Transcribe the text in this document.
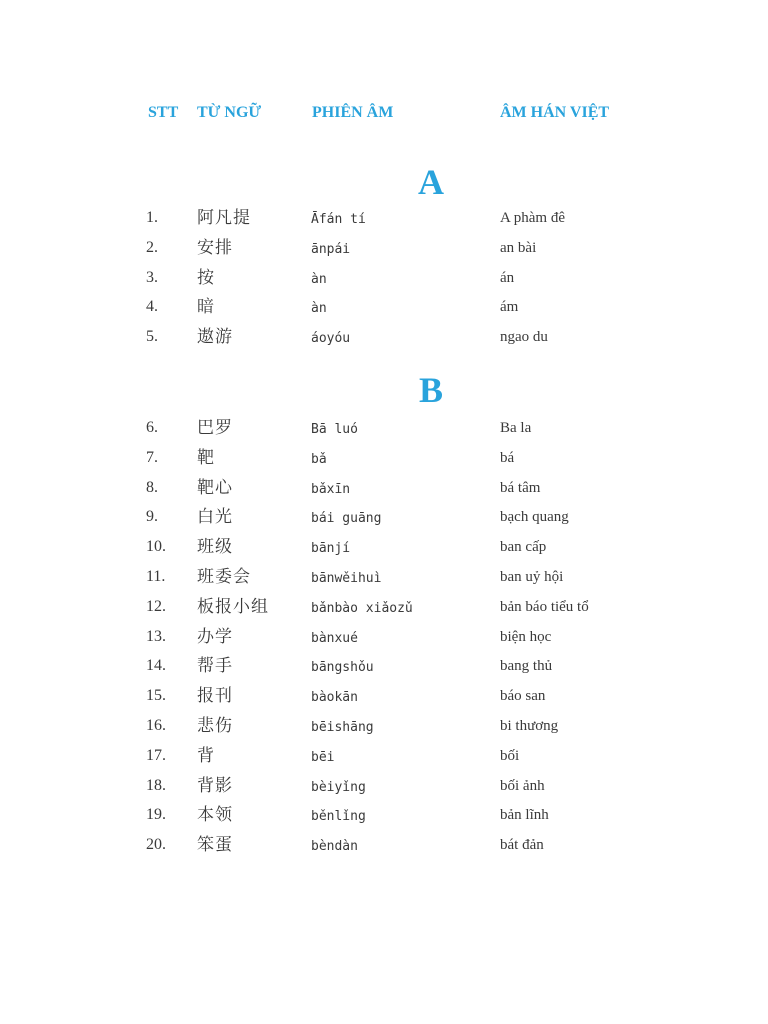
STT TỪ NGỮ	PHIÊN ÂM	ÂM HÁN VIỆT
A
1. 阿凡提	Āfán tí	A phàm đê
2. 安排	ānpái	an bài
3. 按	àn	án
4. 暗	àn	ám
5. 遨游	áoyóu	ngao du
B
6. 巴罗	Bā luó	Ba la
7. 靶	bǎ	bá
8. 靶心	bǎxīn	bá tâm
9. 白光	bái guāng	bạch quang
10. 班级	bānjí	ban cấp
11. 班委会	bānwěihuì	ban uỷ hội
12. 板报小组	bǎnbào xiǎozǔ	bản báo tiểu tổ
13. 办学	bànxué	biện học
14. 帮手	bāngshǒu	bang thủ
15. 报刊	bàokān	báo san
16. 悲伤	bēishāng	bi thương
17. 背	bēi	bối
18. 背影	bèiyǐng	bối ảnh
19. 本领	běnlǐng	bản lĩnh
20. 笨蛋	bèndàn	bát đản
